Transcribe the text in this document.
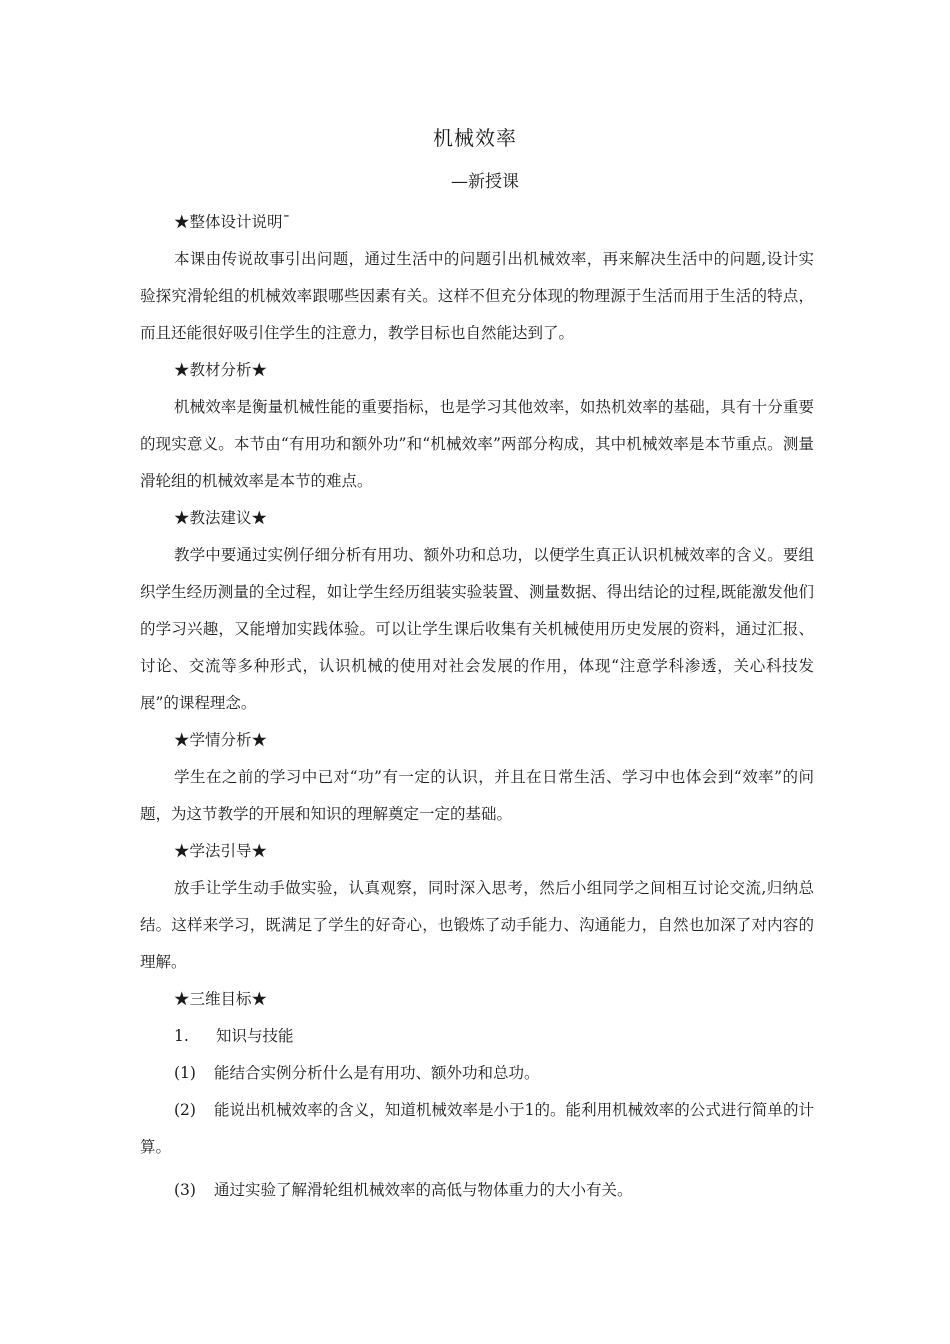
机械效率
—新授课

★整体设计说明ˉ

本课由传说故事引出问题，通过生活中的问题引出机械效率，再来解决生活中的问题,设计实验探究滑轮组的机械效率跟哪些因素有关。这样不但充分体现的物理源于生活而用于生活的特点，而且还能很好吸引住学生的注意力，教学目标也自然能达到了。

★教材分析★

机械效率是衡量机械性能的重要指标，也是学习其他效率，如热机效率的基础，具有十分重要的现实意义。本节由“有用功和额外功”和“机械效率”两部分构成，其中机械效率是本节重点。测量滑轮组的机械效率是本节的难点。

★教法建议★

教学中要通过实例仔细分析有用功、额外功和总功，以便学生真正认识机械效率的含义。要组织学生经历测量的全过程，如让学生经历组装实验装置、测量数据、得出结论的过程,既能激发他们的学习兴趣，又能增加实践体验。可以让学生课后收集有关机械使用历史发展的资料，通过汇报、讨论、交流等多种形式，认识机械的使用对社会发展的作用，体现“注意学科渗透，关心科技发展”的课程理念。

★学情分析★

学生在之前的学习中已对“功”有一定的认识，并且在日常生活、学习中也体会到“效率”的问题，为这节教学的开展和知识的理解奠定一定的基础。

★学法引导★

放手让学生动手做实验，认真观察，同时深入思考，然后小组同学之间相互讨论交流,归纳总结。这样来学习，既满足了学生的好奇心，也锻炼了动手能力、沟通能力，自然也加深了对内容的理解。

★三维目标★

1. 知识与技能

(1) 能结合实例分析什么是有用功、额外功和总功。

(2) 能说出机械效率的含义，知道机械效率是小于1的。能利用机械效率的公式进行简单的计算。

(3) 通过实验了解滑轮组机械效率的高低与物体重力的大小有关。
